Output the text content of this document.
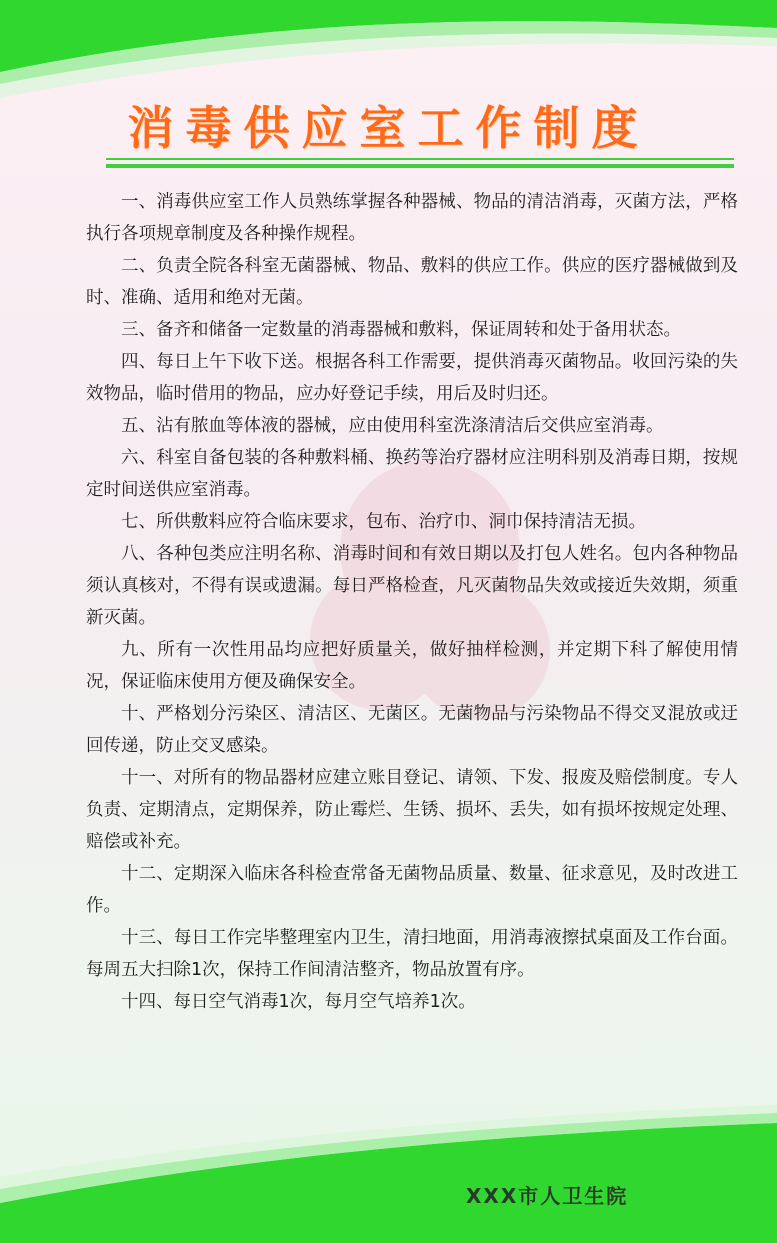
消毒供应室工作制度

一、消毒供应室工作人员熟练掌握各种器械、物品的清洁消毒，灭菌方法，严格执行各项规章制度及各种操作规程。

二、负责全院各科室无菌器械、物品、敷料的供应工作。供应的医疗器械做到及时、准确、适用和绝对无菌。

三、备齐和储备一定数量的消毒器械和敷料，保证周转和处于备用状态。

四、每日上午下收下送。根据各科工作需要，提供消毒灭菌物品。收回污染的失效物品，临时借用的物品，应办好登记手续，用后及时归还。

五、沾有脓血等体液的器械，应由使用科室洗涤清洁后交供应室消毒。

六、科室自备包装的各种敷料桶、换药等治疗器材应注明科别及消毒日期，按规定时间送供应室消毒。

七、所供敷料应符合临床要求，包布、治疗巾、洞巾保持清洁无损。

八、各种包类应注明名称、消毒时间和有效日期以及打包人姓名。包内各种物品须认真核对，不得有误或遗漏。每日严格检查，凡灭菌物品失效或接近失效期，须重新灭菌。

九、所有一次性用品均应把好质量关，做好抽样检测，并定期下科了解使用情况，保证临床使用方便及确保安全。

十、严格划分污染区、清洁区、无菌区。无菌物品与污染物品不得交叉混放或迂回传递，防止交叉感染。

十一、对所有的物品器材应建立账目登记、请领、下发、报废及赔偿制度。专人负责、定期清点，定期保养，防止霉烂、生锈、损坏、丢失，如有损坏按规定处理、赔偿或补充。

十二、定期深入临床各科检查常备无菌物品质量、数量、征求意见，及时改进工作。

十三、每日工作完毕整理室内卫生，清扫地面，用消毒液擦拭桌面及工作台面。每周五大扫除1次，保持工作间清洁整齐，物品放置有序。

十四、每日空气消毒1次，每月空气培养1次。

XXX市人卫生院
